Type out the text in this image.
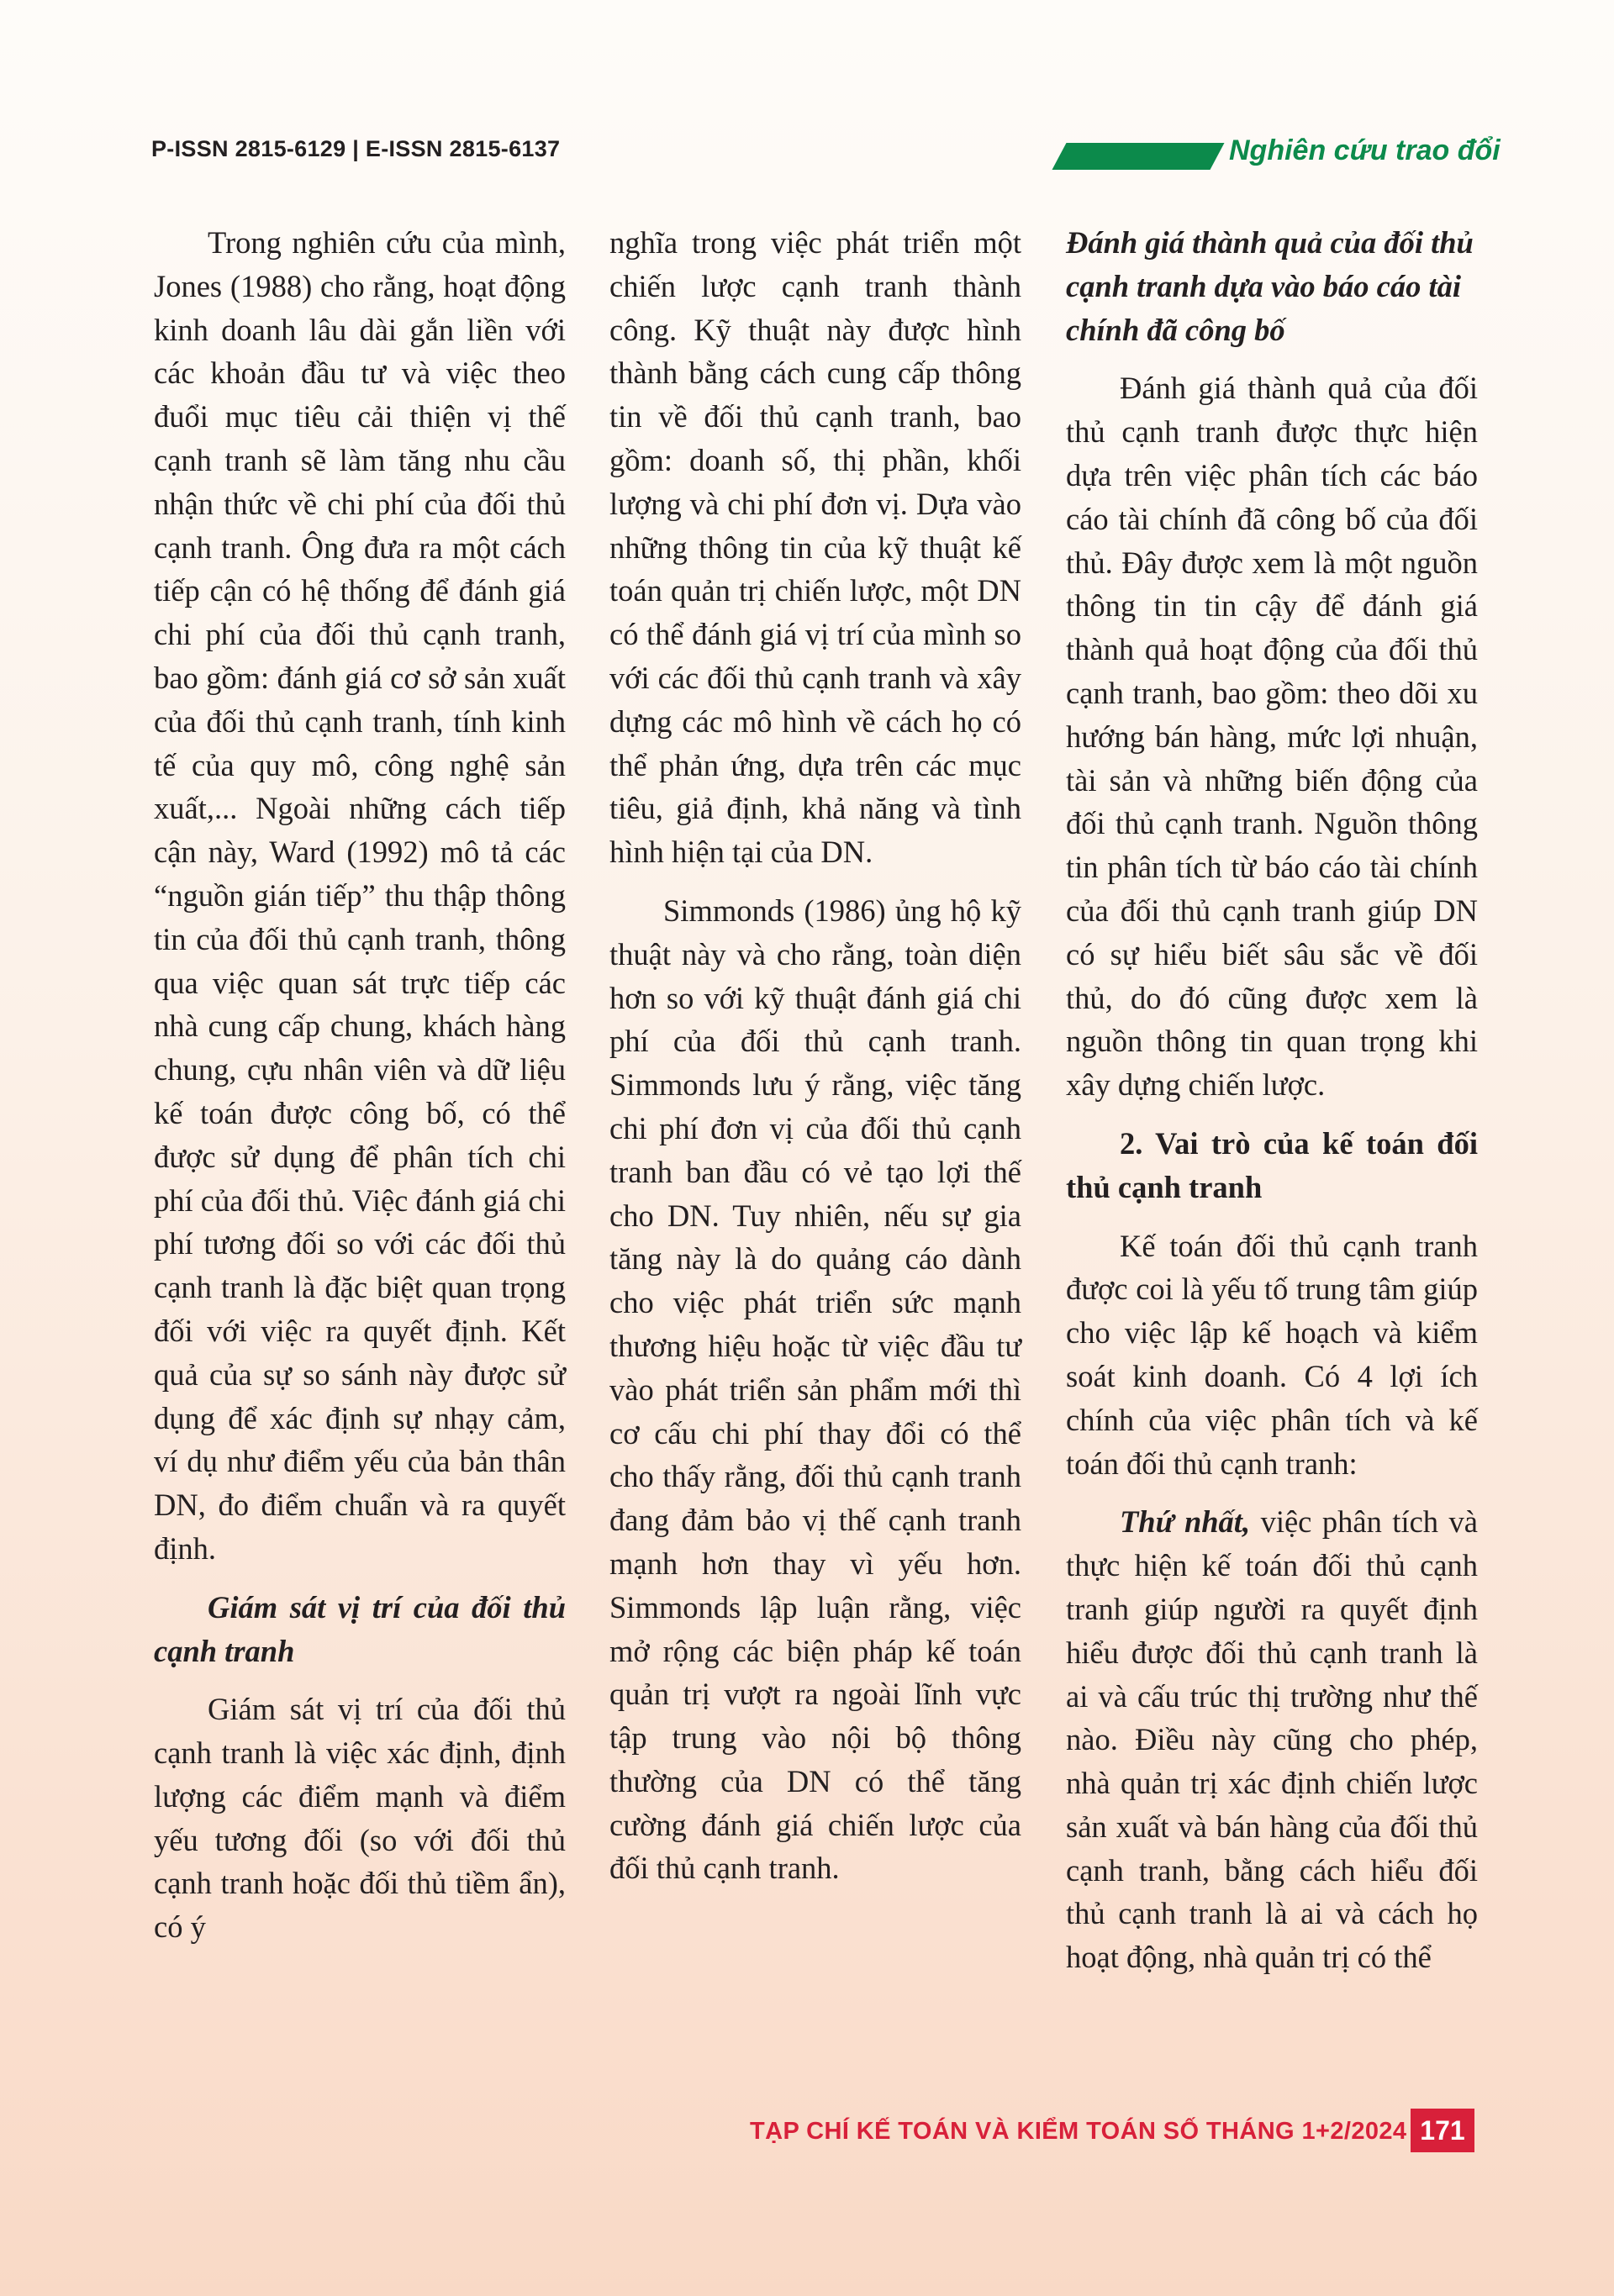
P-ISSN 2815-6129 | E-ISSN 2815-6137	Nghiên cứu trao đổi

Trong nghiên cứu của mình, Jones (1988) cho rằng, hoạt động kinh doanh lâu dài gắn liền với các khoản đầu tư và việc theo đuổi mục tiêu cải thiện vị thế cạnh tranh sẽ làm tăng nhu cầu nhận thức về chi phí của đối thủ cạnh tranh. Ông đưa ra một cách tiếp cận có hệ thống để đánh giá chi phí của đối thủ cạnh tranh, bao gồm: đánh giá cơ sở sản xuất của đối thủ cạnh tranh, tính kinh tế của quy mô, công nghệ sản xuất,... Ngoài những cách tiếp cận này, Ward (1992) mô tả các “nguồn gián tiếp” thu thập thông tin của đối thủ cạnh tranh, thông qua việc quan sát trực tiếp các nhà cung cấp chung, khách hàng chung, cựu nhân viên và dữ liệu kế toán được công bố, có thể được sử dụng để phân tích chi phí của đối thủ. Việc đánh giá chi phí tương đối so với các đối thủ cạnh tranh là đặc biệt quan trọng đối với việc ra quyết định. Kết quả của sự so sánh này được sử dụng để xác định sự nhạy cảm, ví dụ như điểm yếu của bản thân DN, đo điểm chuẩn và ra quyết định.

Giám sát vị trí của đối thủ cạnh tranh

Giám sát vị trí của đối thủ cạnh tranh là việc xác định, định lượng các điểm mạnh và điểm yếu tương đối (so với đối thủ cạnh tranh hoặc đối thủ tiềm ẩn), có ý

nghĩa trong việc phát triển một chiến lược cạnh tranh thành công. Kỹ thuật này được hình thành bằng cách cung cấp thông tin về đối thủ cạnh tranh, bao gồm: doanh số, thị phần, khối lượng và chi phí đơn vị. Dựa vào những thông tin của kỹ thuật kế toán quản trị chiến lược, một DN có thể đánh giá vị trí của mình so với các đối thủ cạnh tranh và xây dựng các mô hình về cách họ có thể phản ứng, dựa trên các mục tiêu, giả định, khả năng và tình hình hiện tại của DN.

Simmonds (1986) ủng hộ kỹ thuật này và cho rằng, toàn diện hơn so với kỹ thuật đánh giá chi phí của đối thủ cạnh tranh. Simmonds lưu ý rằng, việc tăng chi phí đơn vị của đối thủ cạnh tranh ban đầu có vẻ tạo lợi thế cho DN. Tuy nhiên, nếu sự gia tăng này là do quảng cáo dành cho việc phát triển sức mạnh thương hiệu hoặc từ việc đầu tư vào phát triển sản phẩm mới thì cơ cấu chi phí thay đổi có thể cho thấy rằng, đối thủ cạnh tranh đang đảm bảo vị thế cạnh tranh mạnh hơn thay vì yếu hơn. Simmonds lập luận rằng, việc mở rộng các biện pháp kế toán quản trị vượt ra ngoài lĩnh vực tập trung vào nội bộ thông thường của DN có thể tăng cường đánh giá chiến lược của đối thủ cạnh tranh.

Đánh giá thành quả của đối thủ cạnh tranh dựa vào báo cáo tài chính đã công bố

Đánh giá thành quả của đối thủ cạnh tranh được thực hiện dựa trên việc phân tích các báo cáo tài chính đã công bố của đối thủ. Đây được xem là một nguồn thông tin tin cậy để đánh giá thành quả hoạt động của đối thủ cạnh tranh, bao gồm: theo dõi xu hướng bán hàng, mức lợi nhuận, tài sản và những biến động của đối thủ cạnh tranh. Nguồn thông tin phân tích từ báo cáo tài chính của đối thủ cạnh tranh giúp DN có sự hiểu biết sâu sắc về đối thủ, do đó cũng được xem là nguồn thông tin quan trọng khi xây dựng chiến lược.

2. Vai trò của kế toán đối thủ cạnh tranh

Kế toán đối thủ cạnh tranh được coi là yếu tố trung tâm giúp cho việc lập kế hoạch và kiểm soát kinh doanh. Có 4 lợi ích chính của việc phân tích và kế toán đối thủ cạnh tranh:

Thứ nhất, việc phân tích và thực hiện kế toán đối thủ cạnh tranh giúp người ra quyết định hiểu được đối thủ cạnh tranh là ai và cấu trúc thị trường như thế nào. Điều này cũng cho phép, nhà quản trị xác định chiến lược sản xuất và bán hàng của đối thủ cạnh tranh, bằng cách hiểu đối thủ cạnh tranh là ai và cách họ hoạt động, nhà quản trị có thể

TẠP CHÍ KẾ TOÁN VÀ KIỂM TOÁN SỐ THÁNG 1+2/2024 171
